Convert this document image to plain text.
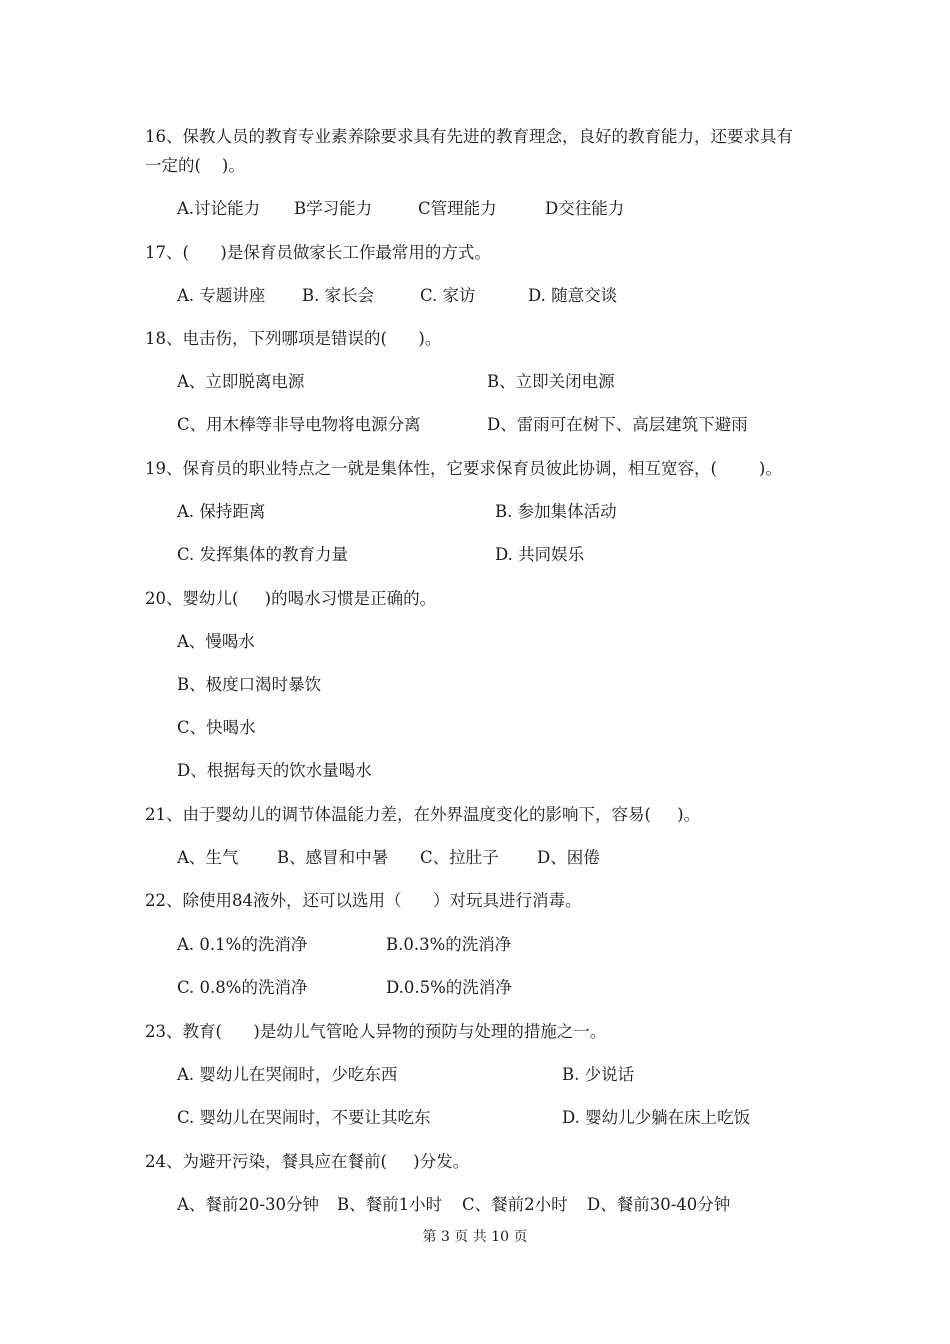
16、保教人员的教育专业素养除要求具有先进的教育理念，良好的教育能力，还要求具有
一定的(    )。
A.讨论能力 B学习能力	C管理能力	D交往能力
17、(      )是保育员做家长工作最常用的方式。
A. 专题讲座 B. 家长会	C. 家访	D. 随意交谈
18、电击伤，下列哪项是错误的(      )。
A、立即脱离电源	B、立即关闭电源
C、用木棒等非导电物将电源分离	D、雷雨可在树下、高层建筑下避雨
19、保育员的职业特点之一就是集体性，它要求保育员彼此协调，相互宽容，(        )。
A. 保持距离	B. 参加集体活动
C. 发挥集体的教育力量	D. 共同娱乐
20、婴幼儿(     )的喝水习惯是正确的。
A、慢喝水
B、极度口渴时暴饮
C、快喝水
D、根据每天的饮水量喝水
21、由于婴幼儿的调节体温能力差，在外界温度变化的影响下，容易(     )。
A、生气 B、感冒和中暑 C、拉肚子 D、困倦
22、除使用84液外，还可以选用（      ）对玩具进行消毒。
A. 0.1%的洗消净	B.0.3%的洗消净
C. 0.8%的洗消净	D.0.5%的洗消净
23、教育(      )是幼儿气管呛人异物的预防与处理的措施之一。
A. 婴幼儿在哭闹时，少吃东西	B. 少说话
C. 婴幼儿在哭闹时，不要让其吃东	D. 婴幼儿少躺在床上吃饭
24、为避开污染，餐具应在餐前(     )分发。
A、餐前20-30分钟 B、餐前1小时 C、餐前2小时 D、餐前30-40分钟
第 3 页 共 10 页
